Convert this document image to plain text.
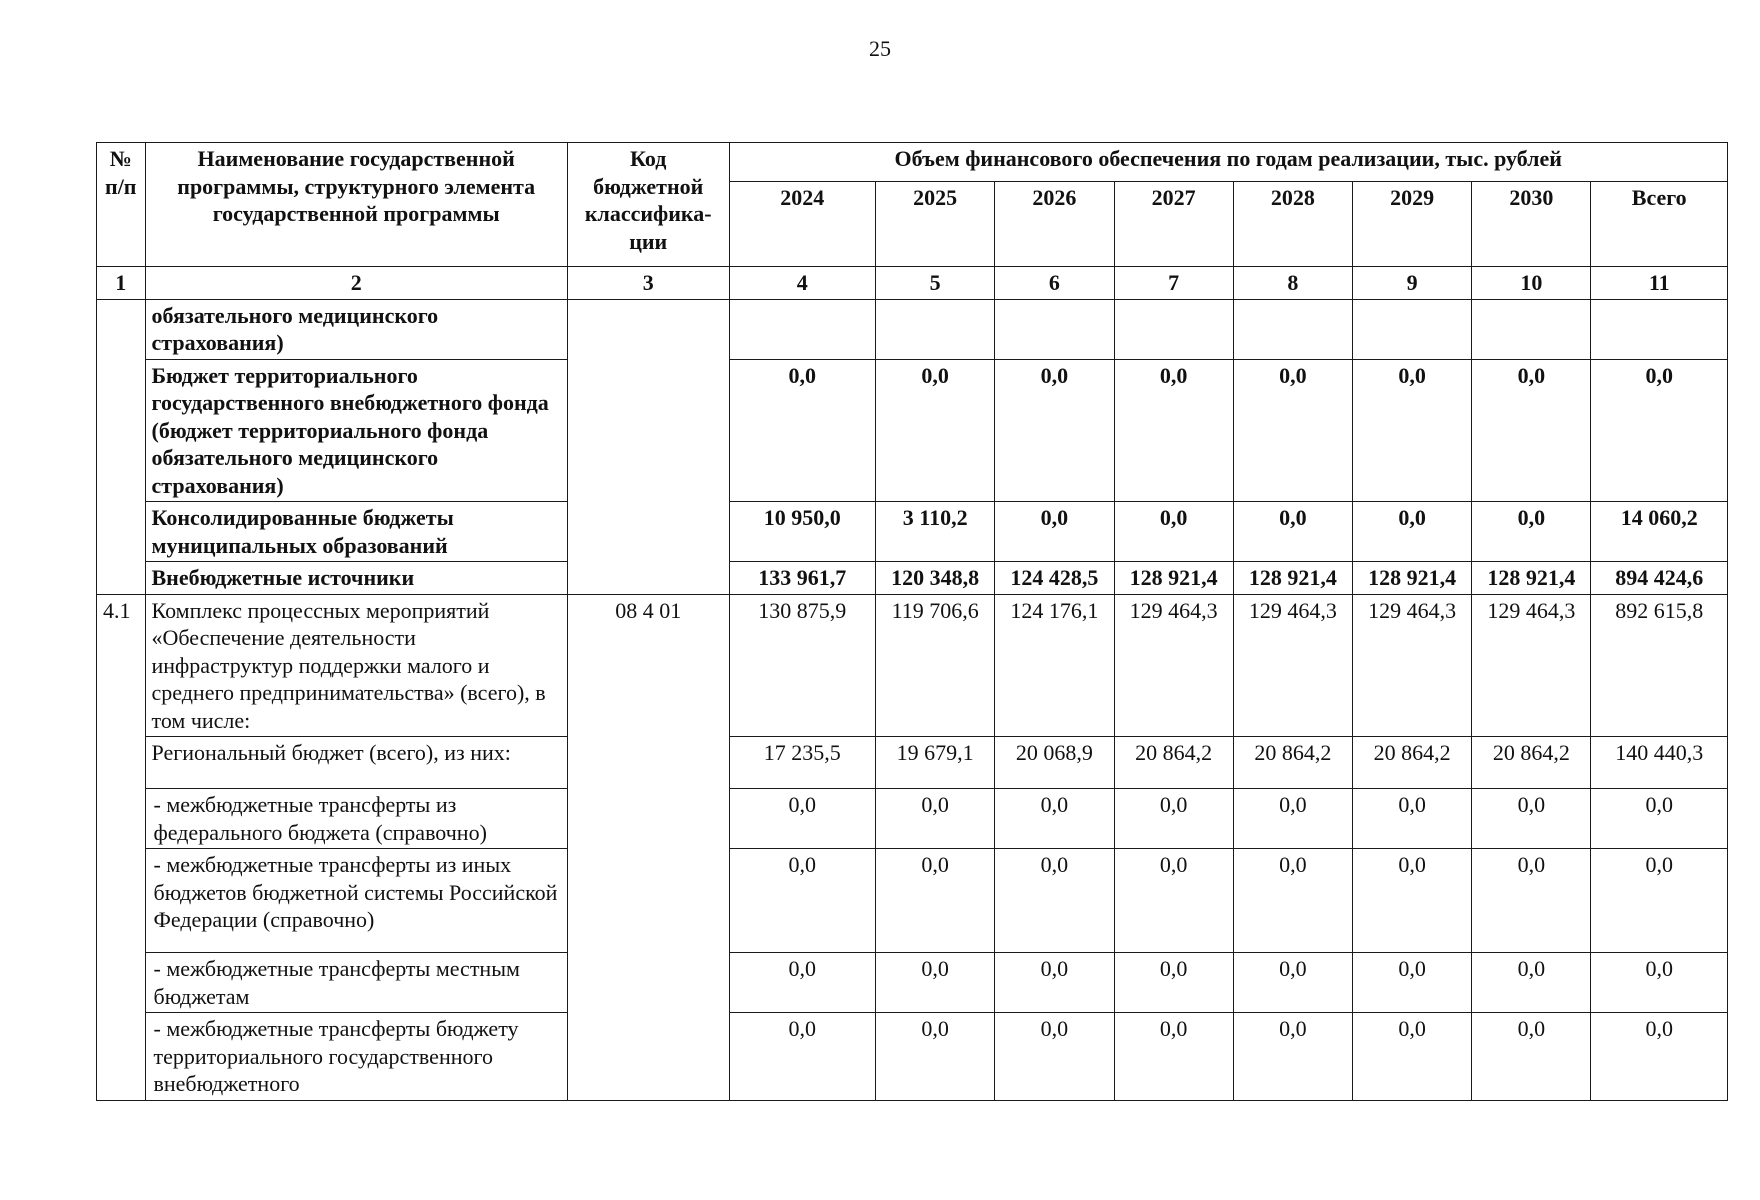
25
№ п/п	Наименование государственной программы, структурного элемента государственной программы	Код бюджетной классифика-ции	Объем финансового обеспечения по годам реализации, тыс. рублей							
			2024	2025	2026	2027	2028	2029	2030	Всего
1	2	3	4	5	6	7	8	9	10	11
	обязательного медицинского страхования)									
	Бюджет территориального государственного внебюджетного фонда (бюджет территориального фонда обязательного медицинского страхования)		0,0	0,0	0,0	0,0	0,0	0,0	0,0	0,0
	Консолидированные бюджеты муниципальных образований		10 950,0	3 110,2	0,0	0,0	0,0	0,0	0,0	14 060,2
	Внебюджетные источники		133 961,7	120 348,8	124 428,5	128 921,4	128 921,4	128 921,4	128 921,4	894 424,6
4.1	Комплекс процессных мероприятий «Обеспечение деятельности инфраструктур поддержки малого и среднего предпринимательства» (всего), в том числе:	08 4 01	130 875,9	119 706,6	124 176,1	129 464,3	129 464,3	129 464,3	129 464,3	892 615,8
	Региональный бюджет (всего), из них:		17 235,5	19 679,1	20 068,9	20 864,2	20 864,2	20 864,2	20 864,2	140 440,3
	- межбюджетные трансферты из федерального бюджета (справочно)		0,0	0,0	0,0	0,0	0,0	0,0	0,0	0,0
	- межбюджетные трансферты из иных бюджетов бюджетной системы Российской Федерации (справочно)		0,0	0,0	0,0	0,0	0,0	0,0	0,0	0,0
	- межбюджетные трансферты местным бюджетам		0,0	0,0	0,0	0,0	0,0	0,0	0,0	0,0
	- межбюджетные трансферты бюджету территориального государственного внебюджетного		0,0	0,0	0,0	0,0	0,0	0,0	0,0	0,0
